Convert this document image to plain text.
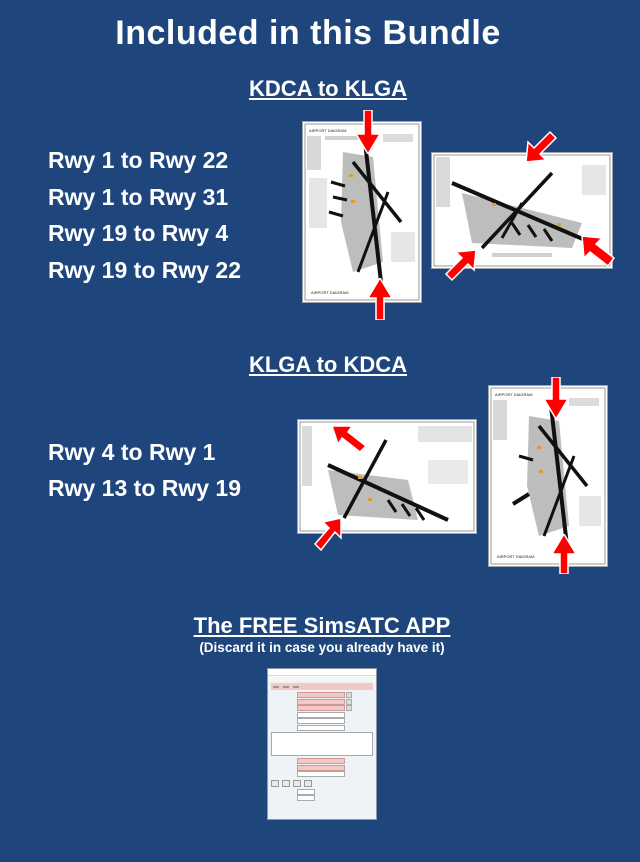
Included in this Bundle
KDCA to KLGA
Rwy 1 to Rwy 22
Rwy 1 to Rwy 31
Rwy 19 to Rwy 4
Rwy 19 to Rwy 22
AIRPORT DIAGRAM
AIRPORT DIAGRAM
KLGA to KDCA
Rwy 4 to Rwy 1
Rwy 13 to Rwy 19
AIRPORT DIAGRAM
AIRPORT DIAGRAM
The FREE SimsATC APP
(Discard it in case you already have it)
